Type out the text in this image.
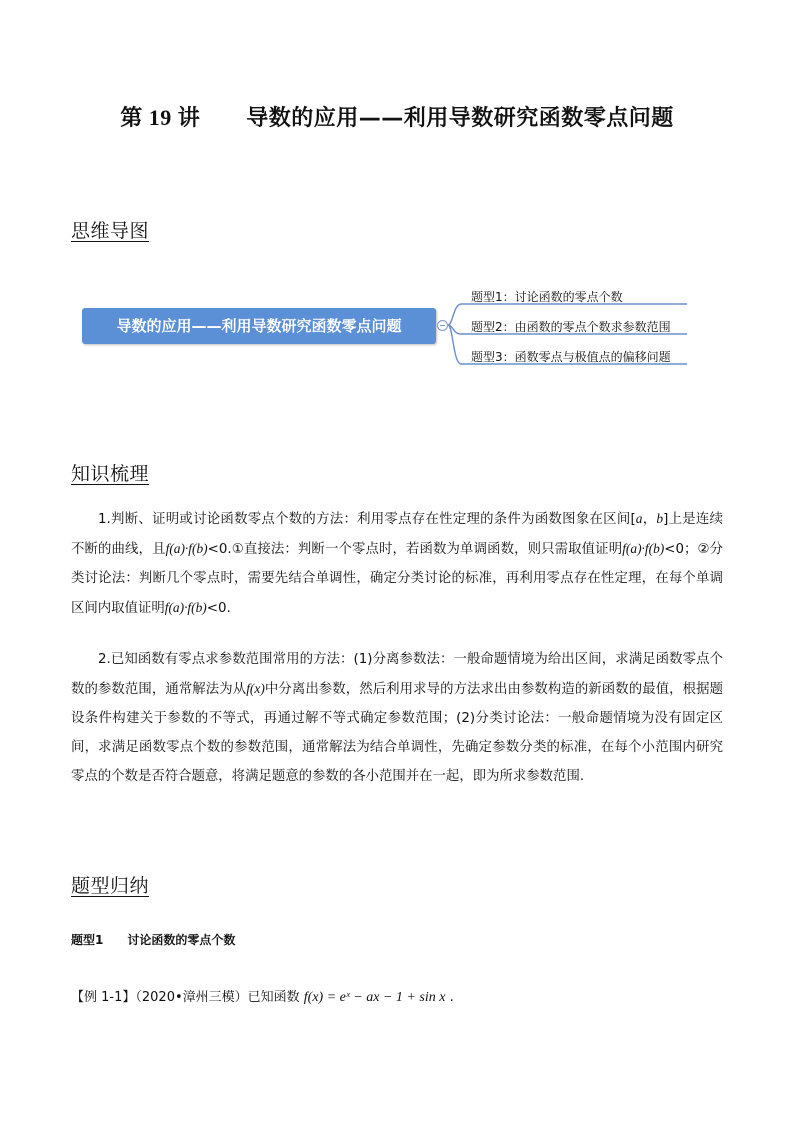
第 19 讲 导数的应用——利用导数研究函数零点问题
思维导图
导数的应用——利用导数研究函数零点问题
题型1：讨论函数的零点个数
题型2：由函数的零点个数求参数范围
题型3：函数零点与极值点的偏移问题
知识梳理
1.判断、证明或讨论函数零点个数的方法：利用零点存在性定理的条件为函数图象在区间[a，b]上是连续不断的曲线，且f(a)·f(b)<0.①直接法：判断一个零点时，若函数为单调函数，则只需取值证明f(a)·f(b)<0；②分类讨论法：判断几个零点时，需要先结合单调性，确定分类讨论的标准，再利用零点存在性定理，在每个单调区间内取值证明f(a)·f(b)<0.
2.已知函数有零点求参数范围常用的方法：(1)分离参数法：一般命题情境为给出区间，求满足函数零点个数的参数范围，通常解法为从f(x)中分离出参数，然后利用求导的方法求出由参数构造的新函数的最值，根据题设条件构建关于参数的不等式，再通过解不等式确定参数范围；(2)分类讨论法：一般命题情境为没有固定区间，求满足函数零点个数的参数范围，通常解法为结合单调性，先确定参数分类的标准，在每个小范围内研究零点的个数是否符合题意，将满足题意的参数的各小范围并在一起，即为所求参数范围.
题型归纳
题型1 讨论函数的零点个数
【例 1-1】（2020•漳州三模）已知函数 f(x) = eˣ − ax − 1 + sin x .
